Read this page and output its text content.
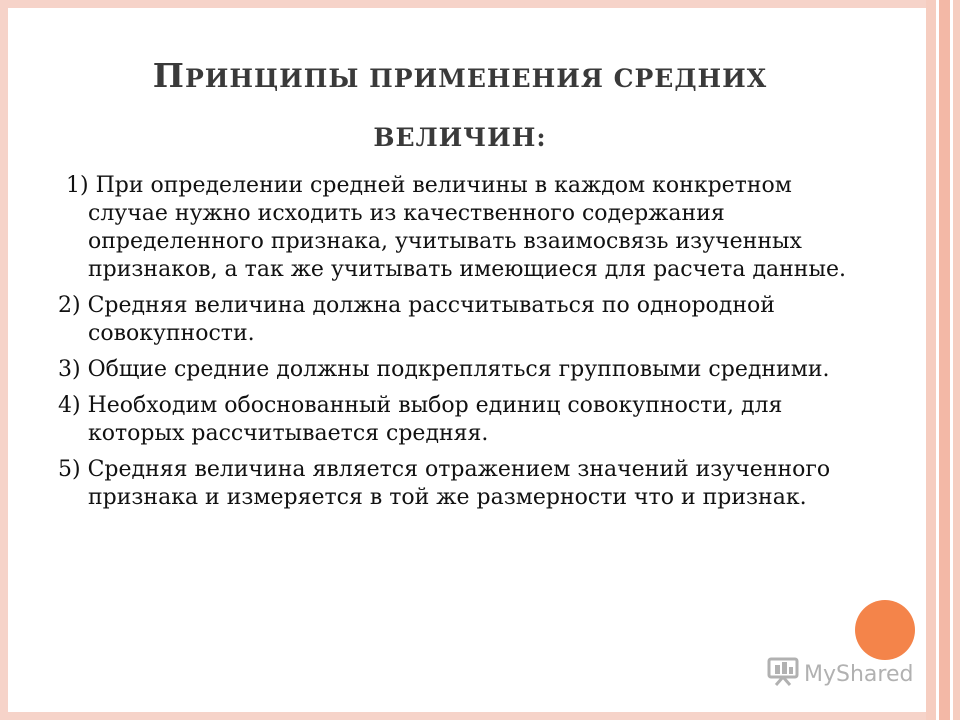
ПРИНЦИПЫ ПРИМЕНЕНИЯ СРЕДНИХ
ВЕЛИЧИН:
1) При определении средней величины в каждом конкретном случае нужно исходить из качественного содержания определенного признака, учитывать взаимосвязь изученных признаков, а так же учитывать имеющиеся для расчета данные.
2) Средняя величина должна рассчитываться по однородной совокупности.
3) Общие средние должны подкрепляться групповыми средними.
4) Необходим обоснованный выбор единиц совокупности, для которых рассчитывается средняя.
5) Средняя величина является отражением значений изученного признака и измеряется в той же размерности что и признак.
MyShared
